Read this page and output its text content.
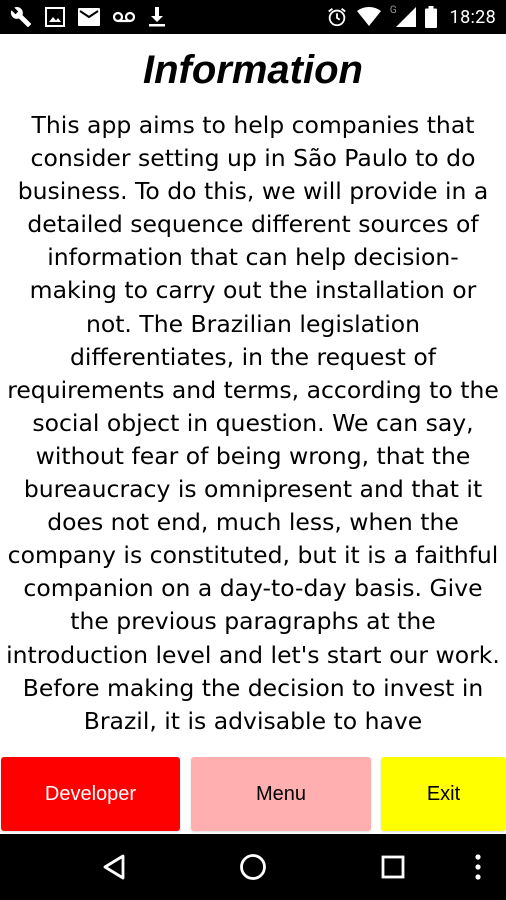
G	18:28
Information

This app aims to help companies that consider setting up in São Paulo to do business. To do this, we will provide in a detailed sequence different sources of information that can help decision-making to carry out the installation or not. The Brazilian legislation differentiates, in the request of requirements and terms, according to the social object in question. We can say, without fear of being wrong, that the bureaucracy is omnipresent and that it does not end, much less, when the company is constituted, but it is a faithful companion on a day-to-day basis. Give the previous paragraphs at the introduction level and let's start our work. Before making the decision to invest in Brazil, it is advisable to have

Developer	Menu	Exit
